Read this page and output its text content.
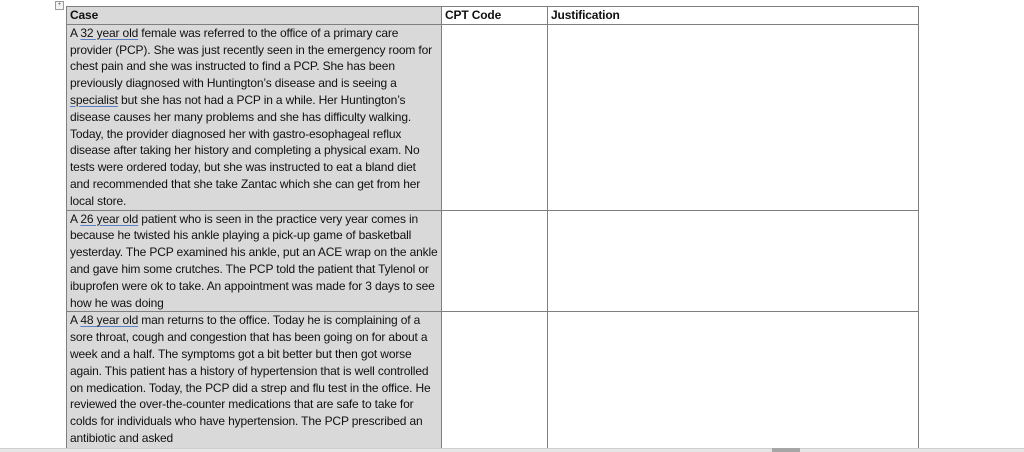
+
Case	CPT Code	Justification
A 32 year old female was referred to the office of a primary care provider (PCP). She was just recently seen in the emergency room for chest pain and she was instructed to find a PCP. She has been previously diagnosed with Huntington’s disease and is seeing a specialist but she has not had a PCP in a while. Her Huntington’s disease causes her many problems and she has difficulty walking. Today, the provider diagnosed her with gastro-esophageal reflux disease after taking her history and completing a physical exam. No tests were ordered today, but she was instructed to eat a bland diet and recommended that she take Zantac which she can get from her local store.		
A 26 year old patient who is seen in the practice very year comes in because he twisted his ankle playing a pick-up game of basketball yesterday. The PCP examined his ankle, put an ACE wrap on the ankle and gave him some crutches. The PCP told the patient that Tylenol or ibuprofen were ok to take. An appointment was made for 3 days to see how he was doing		
A 48 year old man returns to the office. Today he is complaining of a sore throat, cough and congestion that has been going on for about a week and a half. The symptoms got a bit better but then got worse again. This patient has a history of hypertension that is well controlled on medication. Today, the PCP did a strep and flu test in the office. He reviewed the over-the-counter medications that are safe to take for colds for individuals who have hypertension. The PCP prescribed an antibiotic and asked		
